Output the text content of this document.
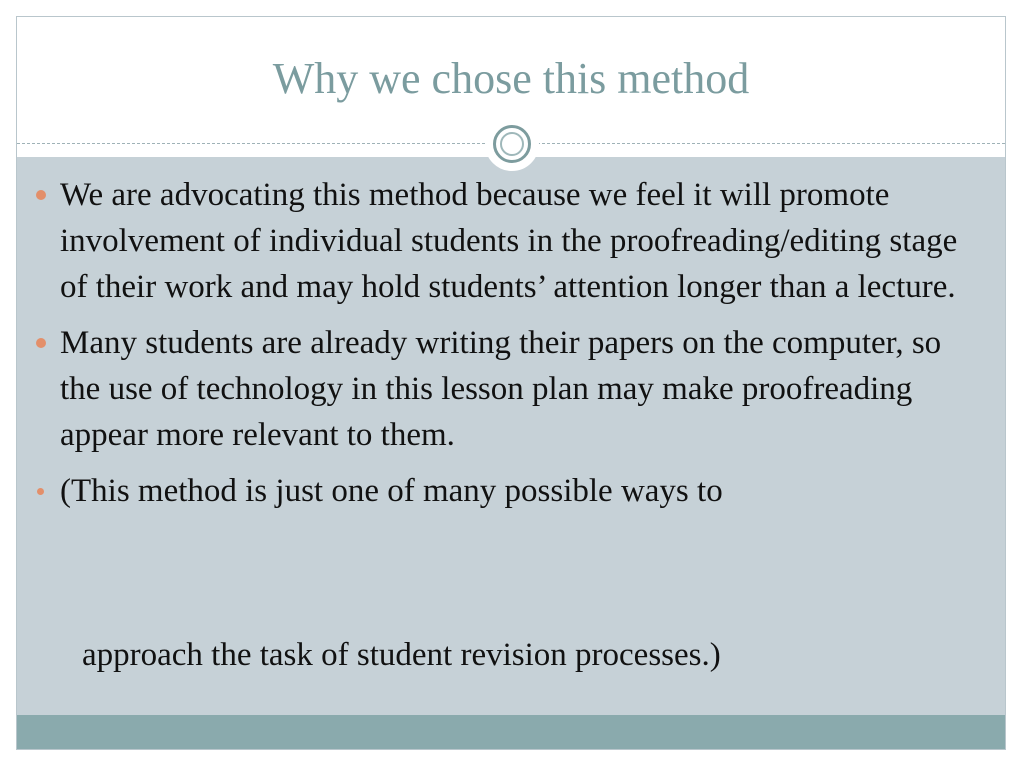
Why we chose this method
We are advocating this method because we feel it will promote involvement of individual students in the proofreading/editing stage of their work and may hold students’ attention longer than a lecture.
Many students are already writing their papers on the computer, so the use of technology in this lesson plan may make proofreading appear more relevant to them.
(This method is just one of many possible ways to
approach the task of student revision processes.)
